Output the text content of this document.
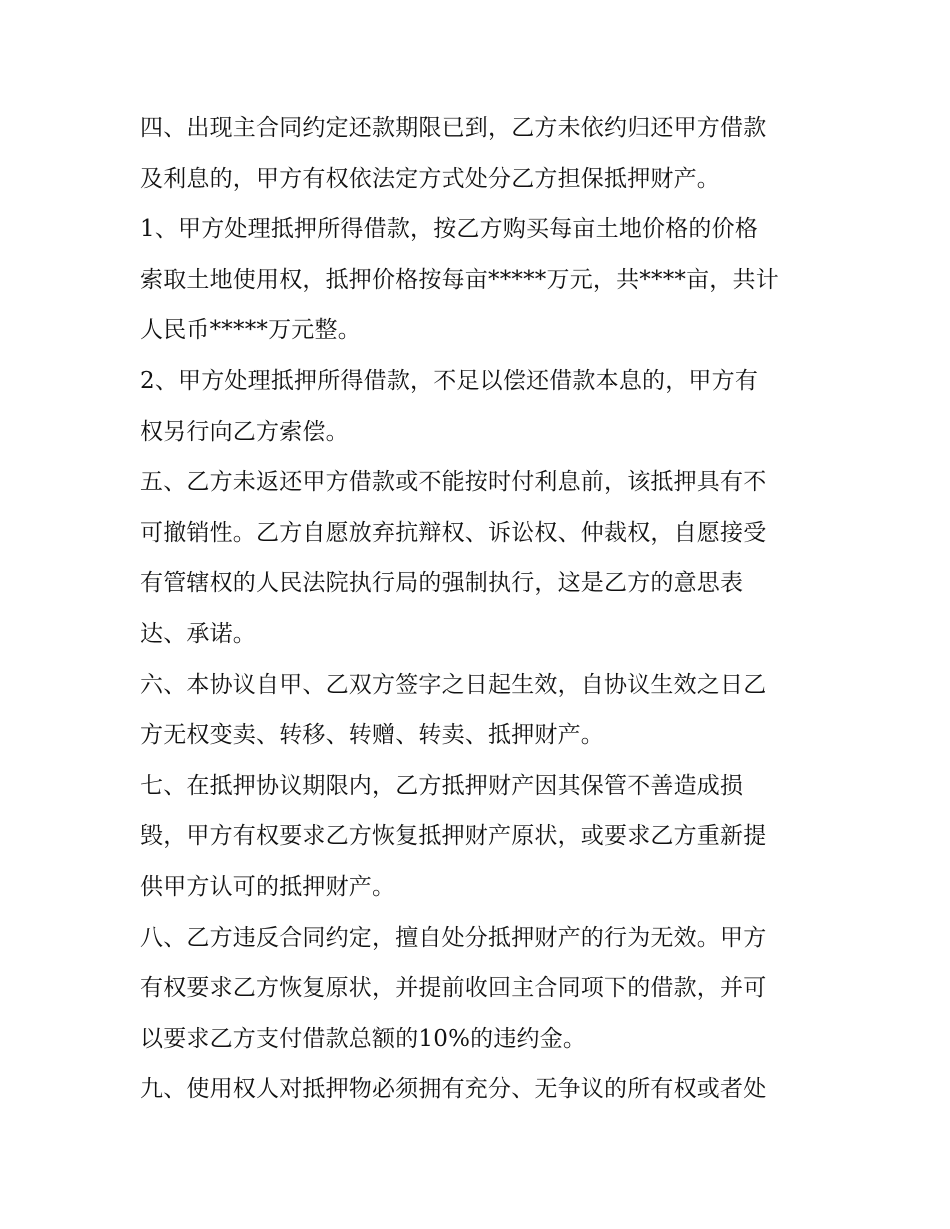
四、出现主合同约定还款期限已到，乙方未依约归还甲方借款
及利息的，甲方有权依法定方式处分乙方担保抵押财产。

1、甲方处理抵押所得借款，按乙方购买每亩土地价格的价格
索取土地使用权，抵押价格按每亩*****万元，共****亩，共计
人民币*****万元整。

2、甲方处理抵押所得借款，不足以偿还借款本息的，甲方有
权另行向乙方索偿。

五、乙方未返还甲方借款或不能按时付利息前，该抵押具有不
可撤销性。乙方自愿放弃抗辩权、诉讼权、仲裁权，自愿接受
有管辖权的人民法院执行局的强制执行，这是乙方的意思表
达、承诺。

六、本协议自甲、乙双方签字之日起生效，自协议生效之日乙
方无权变卖、转移、转赠、转卖、抵押财产。

七、在抵押协议期限内，乙方抵押财产因其保管不善造成损
毁，甲方有权要求乙方恢复抵押财产原状，或要求乙方重新提
供甲方认可的抵押财产。

八、乙方违反合同约定，擅自处分抵押财产的行为无效。甲方
有权要求乙方恢复原状，并提前收回主合同项下的借款，并可
以要求乙方支付借款总额的10%的违约金。

九、使用权人对抵押物必须拥有充分、无争议的所有权或者处
